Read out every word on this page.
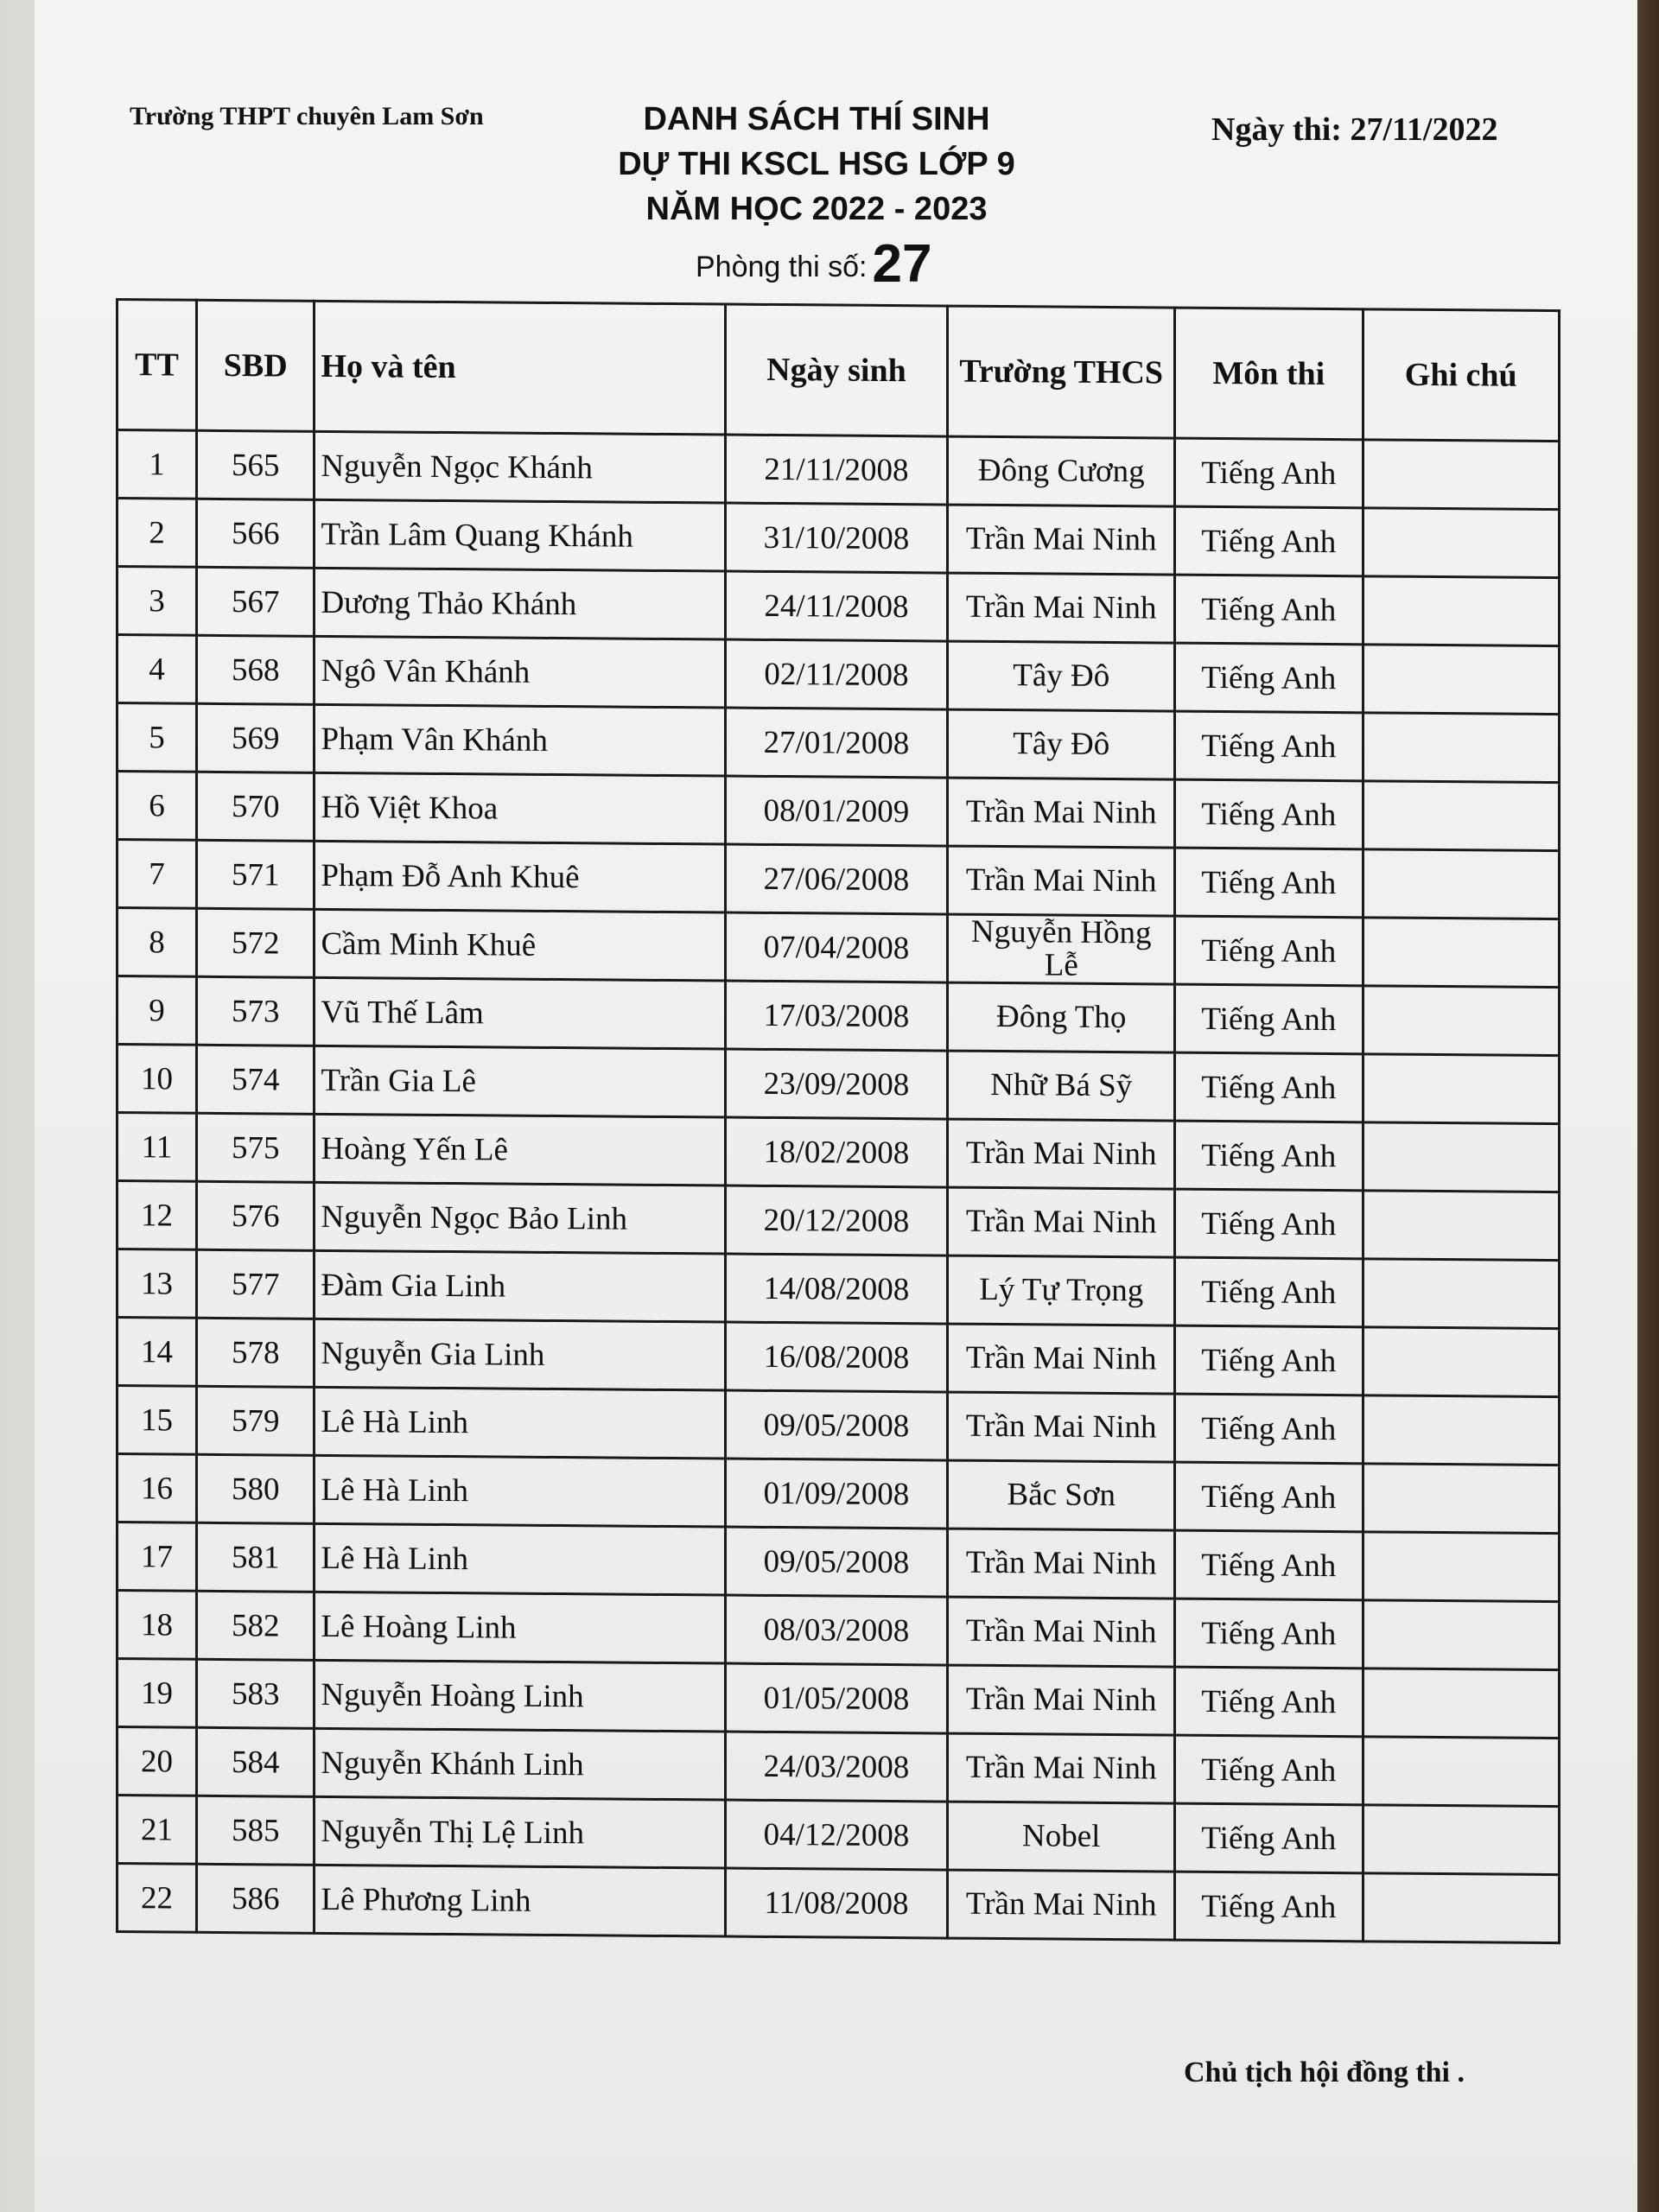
Trường THPT chuyên Lam Sơn	DANH SÁCH THÍ SINH
DỰ THI KSCL HSG LỚP 9
NĂM HỌC 2022 - 2023
Ngày thi: 27/11/2022
Phòng thi số:27
TT	SBD	Họ và tên	Ngày sinh	Trường THCS	Môn thi	Ghi chú
1	565	Nguyễn Ngọc Khánh	21/11/2008	Đông Cương	Tiếng Anh	
2	566	Trần Lâm Quang Khánh	31/10/2008	Trần Mai Ninh	Tiếng Anh	
3	567	Dương Thảo Khánh	24/11/2008	Trần Mai Ninh	Tiếng Anh	
4	568	Ngô Vân Khánh	02/11/2008	Tây Đô	Tiếng Anh	
5	569	Phạm Vân Khánh	27/01/2008	Tây Đô	Tiếng Anh	
6	570	Hồ Việt Khoa	08/01/2009	Trần Mai Ninh	Tiếng Anh	
7	571	Phạm Đỗ Anh Khuê	27/06/2008	Trần Mai Ninh	Tiếng Anh	
8	572	Cầm Minh Khuê	07/04/2008	Nguyễn Hồng Lễ	Tiếng Anh	
9	573	Vũ Thế Lâm	17/03/2008	Đông Thọ	Tiếng Anh	
10	574	Trần Gia Lê	23/09/2008	Nhữ Bá Sỹ	Tiếng Anh	
11	575	Hoàng Yến Lê	18/02/2008	Trần Mai Ninh	Tiếng Anh	
12	576	Nguyễn Ngọc Bảo Linh	20/12/2008	Trần Mai Ninh	Tiếng Anh	
13	577	Đàm Gia Linh	14/08/2008	Lý Tự Trọng	Tiếng Anh	
14	578	Nguyễn Gia Linh	16/08/2008	Trần Mai Ninh	Tiếng Anh	
15	579	Lê Hà Linh	09/05/2008	Trần Mai Ninh	Tiếng Anh	
16	580	Lê Hà Linh	01/09/2008	Bắc Sơn	Tiếng Anh	
17	581	Lê Hà Linh	09/05/2008	Trần Mai Ninh	Tiếng Anh	
18	582	Lê Hoàng Linh	08/03/2008	Trần Mai Ninh	Tiếng Anh	
19	583	Nguyễn Hoàng Linh	01/05/2008	Trần Mai Ninh	Tiếng Anh	
20	584	Nguyễn Khánh Linh	24/03/2008	Trần Mai Ninh	Tiếng Anh	
21	585	Nguyễn Thị Lệ Linh	04/12/2008	Nobel	Tiếng Anh	
22	586	Lê Phương Linh	11/08/2008	Trần Mai Ninh	Tiếng Anh	
Chủ tịch hội đồng thi .
